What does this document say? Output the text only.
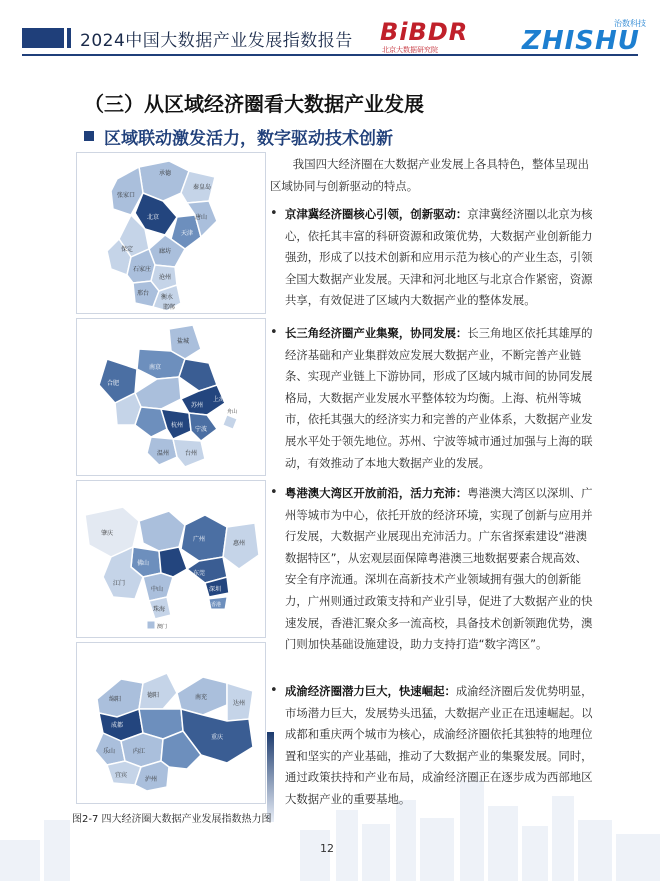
2024中国大数据产业发展指数报告 BiBDR
北京大数据研究院
治数科技
ZHISHU
（三）从区域经济圈看大数据产业发展
区域联动激发活力，数字驱动技术创新
承德
张家口
秦皇岛
北京
天津
唐山
廊坊
保定
沧州
石家庄
衡水
邢台
邯郸
盐城
南京
合肥
苏州
上海
杭州
宁波
舟山
台州
温州
肇庆
广州
佛山
东莞
惠州
深圳
中山
江门
珠海
香港
澳门
成都
重庆
绵阳
德阳	南充
达州
乐山
宜宾
泸州
内江
我国四大经济圈在大数据产业发展上各具特色，整体呈现出区域协同与创新驱动的特点。
• 京津冀经济圈核心引领，创新驱动：京津冀经济圈以北京为核心，依托其丰富的科研资源和政策优势，大数据产业创新能力强劲，形成了以技术创新和应用示范为核心的产业生态，引领全国大数据产业发展。天津和河北地区与北京合作紧密，资源共享，有效促进了区域内大数据产业的整体发展。

• 长三角经济圈产业集聚，协同发展：长三角地区依托其雄厚的经济基础和产业集群效应发展大数据产业，不断完善产业链条、实现产业链上下游协同，形成了区域内城市间的协同发展格局，大数据产业发展水平整体较为均衡。上海、杭州等城市，依托其强大的经济实力和完善的产业体系，大数据产业发展水平处于领先地位。苏州、宁波等城市通过加强与上海的联动，有效推动了本地大数据产业的发展。

• 粤港澳大湾区开放前沿，活力充沛：粤港澳大湾区以深圳、广州等城市为中心，依托开放的经济环境，实现了创新与应用并行发展，大数据产业展现出充沛活力。广东省探索建设“港澳数据特区”，从宏观层面保障粤港澳三地数据要素合规高效、安全有序流通。深圳在高新技术产业领域拥有强大的创新能力，广州则通过政策支持和产业引导，促进了大数据产业的快速发展，香港汇聚众多一流高校，具备技术创新领跑优势，澳门则加快基础设施建设，助力支持打造“数字湾区”。

• 成渝经济圈潜力巨大，快速崛起：成渝经济圈后发优势明显，市场潜力巨大，发展势头迅猛，大数据产业正在迅速崛起。以成都和重庆两个城市为核心，成渝经济圈依托其独特的地理位置和坚实的产业基础，推动了大数据产业的集聚发展。同时，通过政策扶持和产业布局，成渝经济圈正在逐步成为西部地区大数据产业的重要基地。

图2-7 四大经济圈大数据产业发展指数热力图
12
